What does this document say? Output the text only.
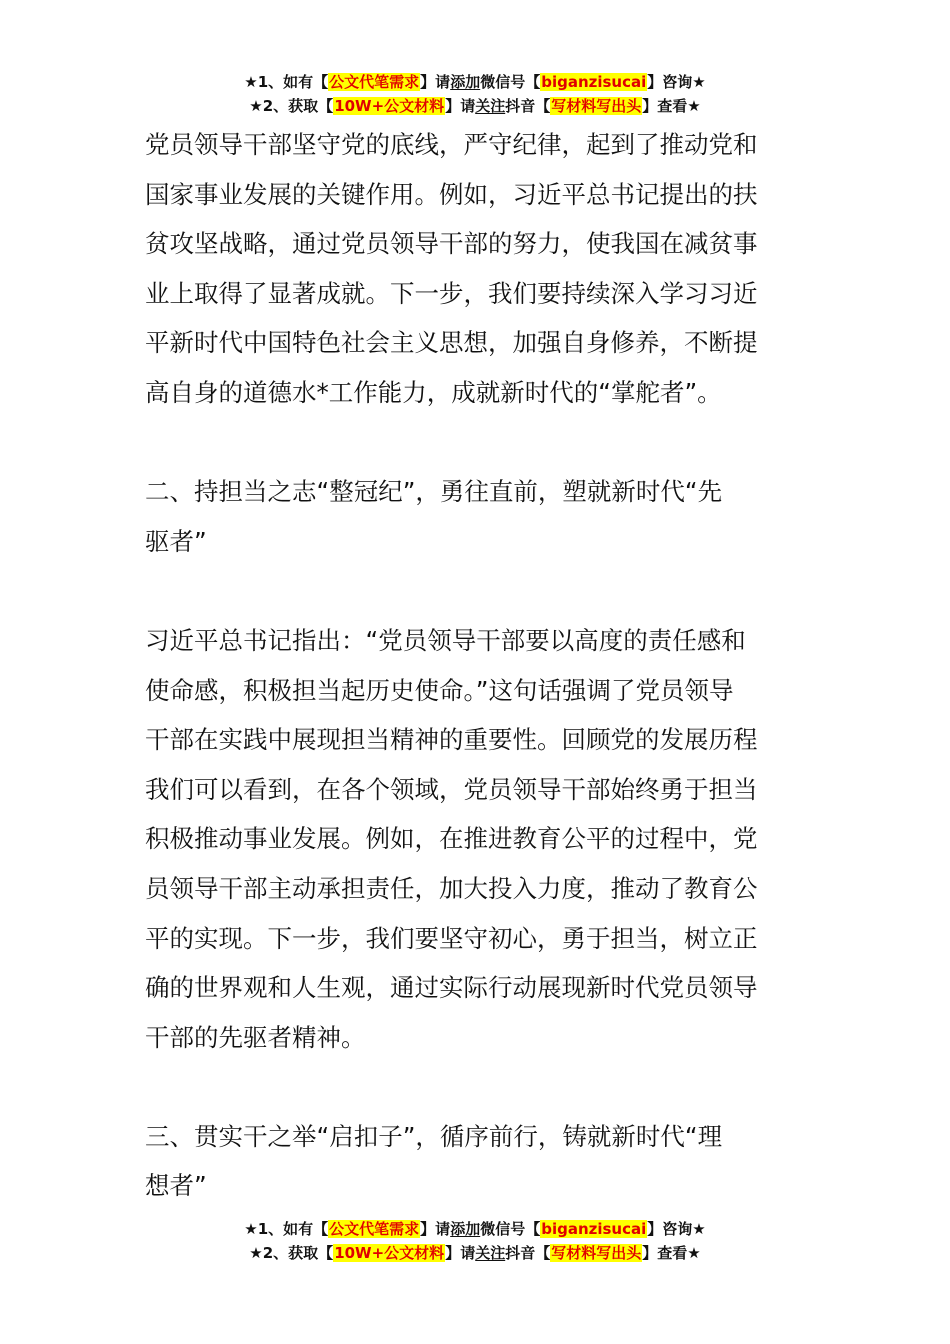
★1、如有【公文代笔需求】请添加微信号【biganzisucai】咨询★
★2、获取【10W+公文材料】请关注抖音【写材料写出头】查看★

党员领导干部坚守党的底线，严守纪律，起到了推动党和

国家事业发展的关键作用。例如，习近平总书记提出的扶

贫攻坚战略，通过党员领导干部的努力，使我国在减贫事

业上取得了显著成就。下一步，我们要持续深入学习习近

平新时代中国特色社会主义思想，加强自身修养，不断提

高自身的道德水*工作能力，成就新时代的“掌舵者”。

二、持担当之志“整冠纪”，勇往直前，塑就新时代“先

驱者”

习近平总书记指出：“党员领导干部要以高度的责任感和

使命感，积极担当起历史使命。”这句话强调了党员领导

干部在实践中展现担当精神的重要性。回顾党的发展历程

我们可以看到，在各个领域，党员领导干部始终勇于担当

积极推动事业发展。例如，在推进教育公平的过程中，党

员领导干部主动承担责任，加大投入力度，推动了教育公

平的实现。下一步，我们要坚守初心，勇于担当，树立正

确的世界观和人生观，通过实际行动展现新时代党员领导

干部的先驱者精神。

三、贯实干之举“启扣子”，循序前行，铸就新时代“理

想者”

★1、如有【公文代笔需求】请添加微信号【biganzisucai】咨询★
★2、获取【10W+公文材料】请关注抖音【写材料写出头】查看★
